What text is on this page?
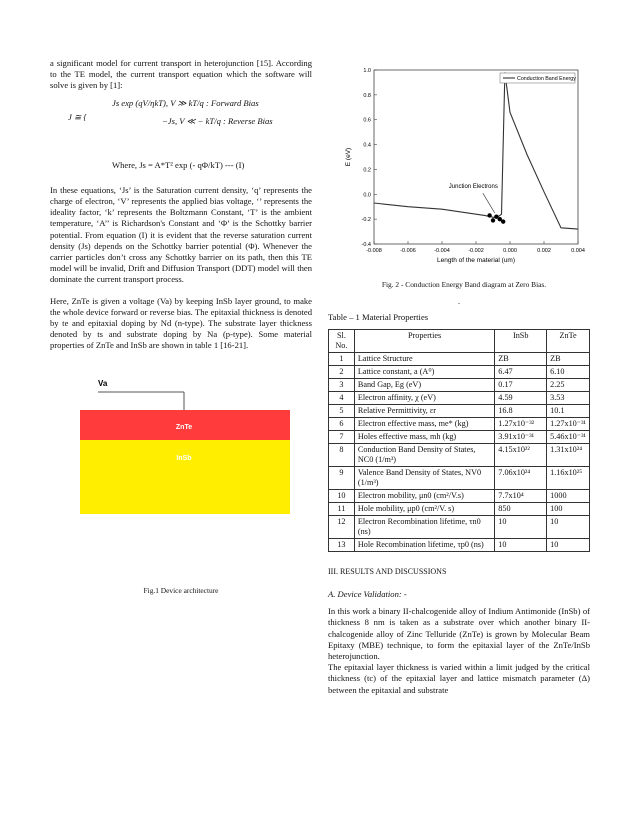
a significant model for current transport in heterojunction [15]. According to the TE model, the current transport equation which the software will solve is given by [1]:

J ≅ {
Js exp (qV/ηkT), V ≫ kT/q : Forward Bias
−Js, V ≪ − kT/q : Reverse Bias

Where, Js = A*T² exp (- qΦ/kT) --- (I)

In these equations, ‘Js’ is the Saturation current density, ‘q’ represents the charge of electron, ‘V’ represents the applied bias voltage, ‘’ represents the ideality factor, ‘k’ represents the Boltzmann Constant, ‘T’ is the ambient temperature, ‘A’’ is Richardson's Constant and ‘Φ’ is the Schottky barrier potential. From equation (I) it is evident that the reverse saturation current density (Js) depends on the Schottky barrier potential (Φ). Whenever the carrier particles don’t cross any Schottky barrier on its path, then this TE model will be invalid, Drift and Diffusion Transport (DDT) model will then dominate the current transport process.

Here, ZnTe is given a voltage (Va) by keeping InSb layer ground, to make the whole device forward or reverse bias. The epitaxial thickness is denoted by te and epitaxial doping by Nd (n-type). The substrate layer thickness denoted by ts and substrate doping by Na (p-type). Some material properties of ZnTe and InSb are shown in table 1 [16-21].

Va
ZnTe
InSb
Fig.1 Device architecture
-0.4
-0.2
0.0
0.2
0.4
0.6
0.8
1.0
-0.008	-0.006	-0.004	-0.002	0.000	0.002	0.004
Length of the material (um)
E (eV)
Conduction Band Energy
Junction Electrons
Fig. 2 - Conduction Energy Band diagram at Zero Bias.
.
Table – 1 Material Properties
Sl. No.	Properties	InSb	ZnTe
1	Lattice Structure	ZB	ZB
2	Lattice constant, a (A⁰)	6.47	6.10
3	Band Gap, Eg (eV)	0.17	2.25
4	Electron affinity, χ (eV)	4.59	3.53
5	Relative Permittivity, εr	16.8	10.1
6	Electron effective mass, me* (kg)	1.27x10⁻³²	1.27x10⁻³¹
7	Holes effective mass, mh (kg)	3.91x10⁻³¹	5.46x10⁻³¹
8	Conduction Band Density of States, NC0 (1/m³)	4.15x10²²	1.31x10²⁴
9	Valence Band Density of States, NV0 (1/m³)	7.06x10²⁴	1.16x10²⁵
10	Electron mobility, μn0 (cm²/V.s)	7.7x10⁴	1000
11	Hole mobility, μp0 (cm²/V. s)	850	100
12	Electron Recombination lifetime, τn0 (ns)	10	10
13	Hole Recombination lifetime, τp0 (ns)	10	10
III. RESULTS AND DISCUSSIONS
A. Device Validation: -

In this work a binary II-chalcogenide alloy of Indium Antimonide (InSb) of thickness 8 nm is taken as a substrate over which another binary II-chalcogenide alloy of Zinc Telluride (ZnTe) is grown by Molecular Beam Epitaxy (MBE) technique, to form the epitaxial layer of the ZnTe/InSb heterojunction.

The epitaxial layer thickness is varied within a limit judged by the critical thickness (tc) of the epitaxial layer and lattice mismatch parameter (Δ) between the epitaxial and substrate
